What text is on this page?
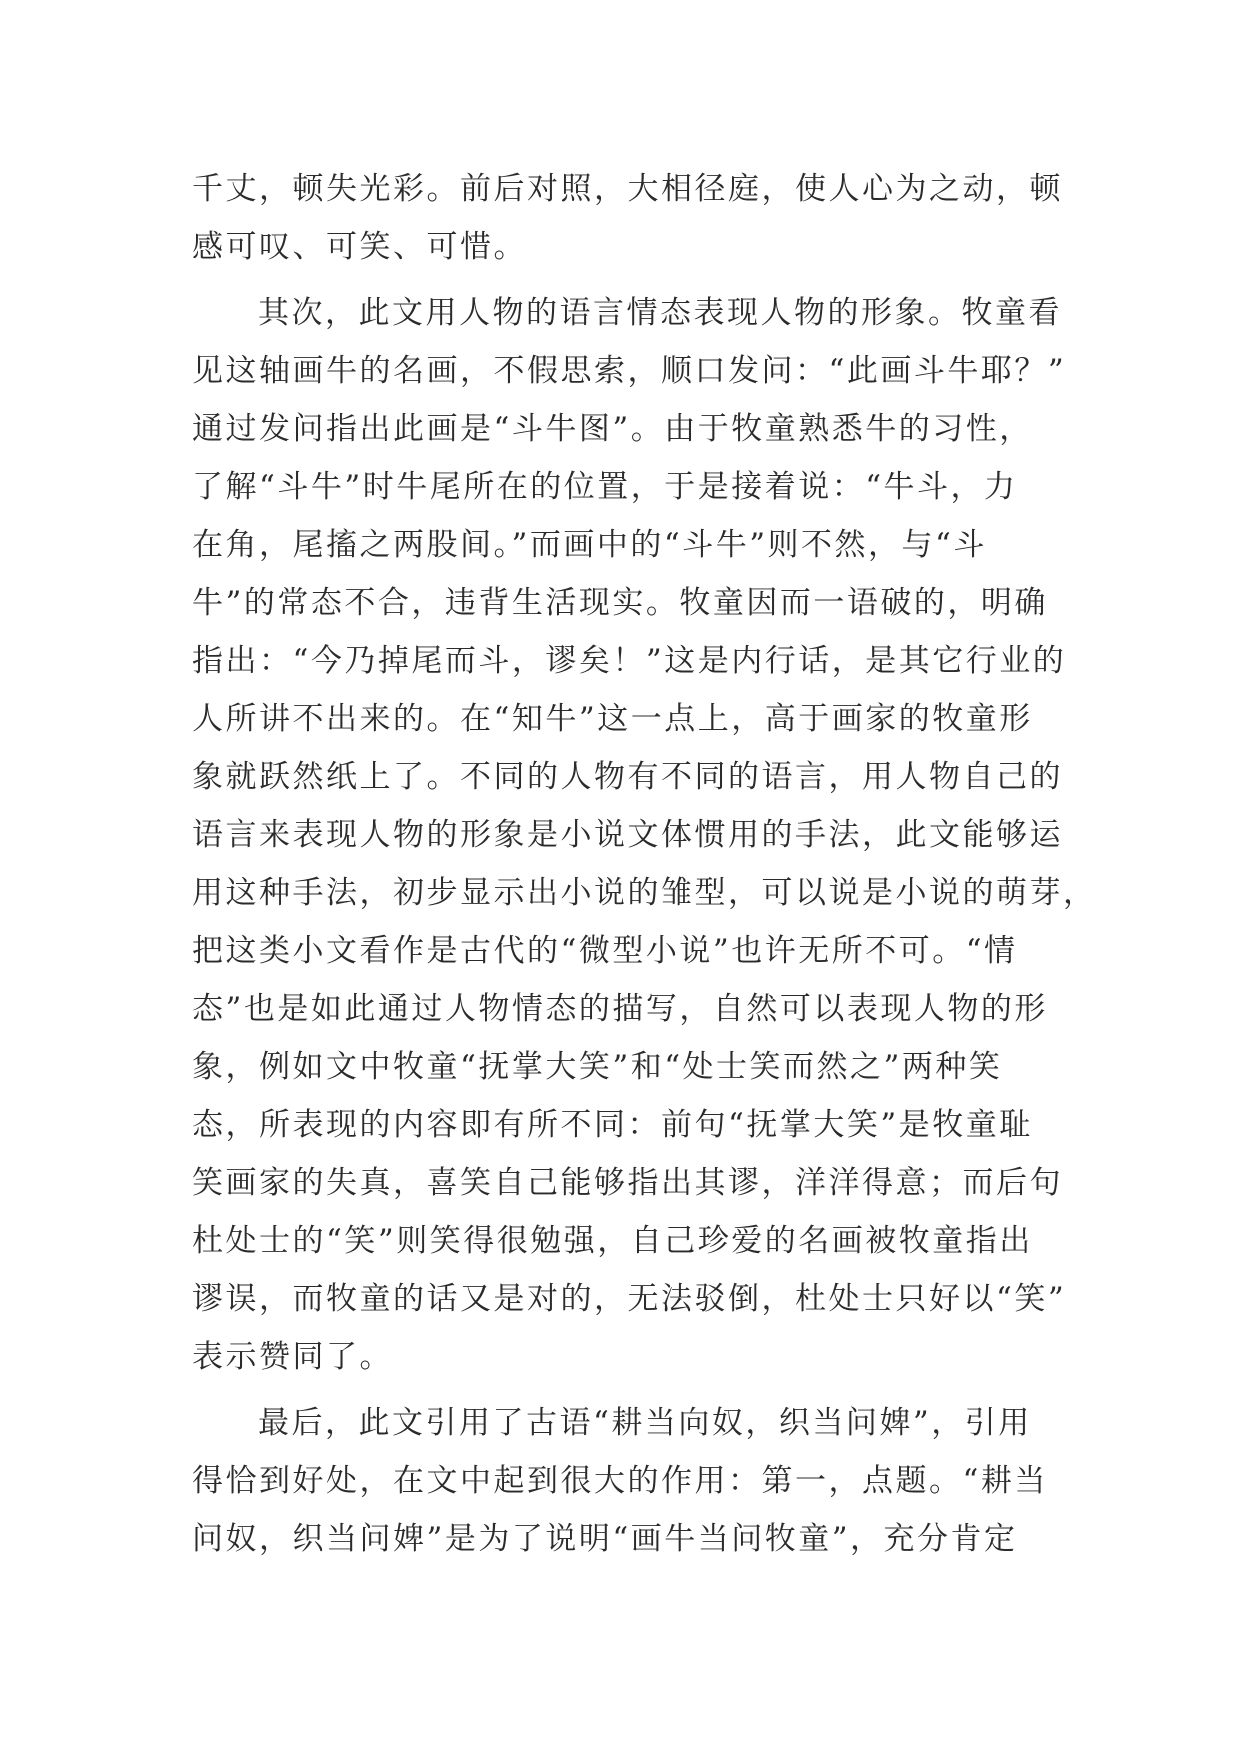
千丈，顿失光彩。前后对照，大相径庭，使人心为之动，顿
感可叹、可笑、可惜。
其次，此文用人物的语言情态表现人物的形象。牧童看
见这轴画牛的名画，不假思索，顺口发问：“此画斗牛耶？”
通过发问指出此画是“斗牛图”。由于牧童熟悉牛的习性，
了解“斗牛”时牛尾所在的位置，于是接着说：“牛斗，力
在角，尾搐之两股间。”而画中的“斗牛”则不然，与“斗
牛”的常态不合，违背生活现实。牧童因而一语破的，明确
指出：“今乃掉尾而斗，谬矣！”这是内行话，是其它行业的
人所讲不出来的。在“知牛”这一点上，高于画家的牧童形
象就跃然纸上了。不同的人物有不同的语言，用人物自己的
语言来表现人物的形象是小说文体惯用的手法，此文能够运
用这种手法，初步显示出小说的雏型，可以说是小说的萌芽，
把这类小文看作是古代的“微型小说”也许无所不可。“情
态”也是如此通过人物情态的描写，自然可以表现人物的形
象，例如文中牧童“抚掌大笑”和“处士笑而然之”两种笑
态，所表现的内容即有所不同：前句“抚掌大笑”是牧童耻
笑画家的失真，喜笑自己能够指出其谬，洋洋得意；而后句
杜处士的“笑”则笑得很勉强，自己珍爱的名画被牧童指出
谬误，而牧童的话又是对的，无法驳倒，杜处士只好以“笑”
表示赞同了。
最后，此文引用了古语“耕当向奴，织当问婢”，引用
得恰到好处，在文中起到很大的作用：第一，点题。“耕当
问奴，织当问婢”是为了说明“画牛当问牧童”，充分肯定
